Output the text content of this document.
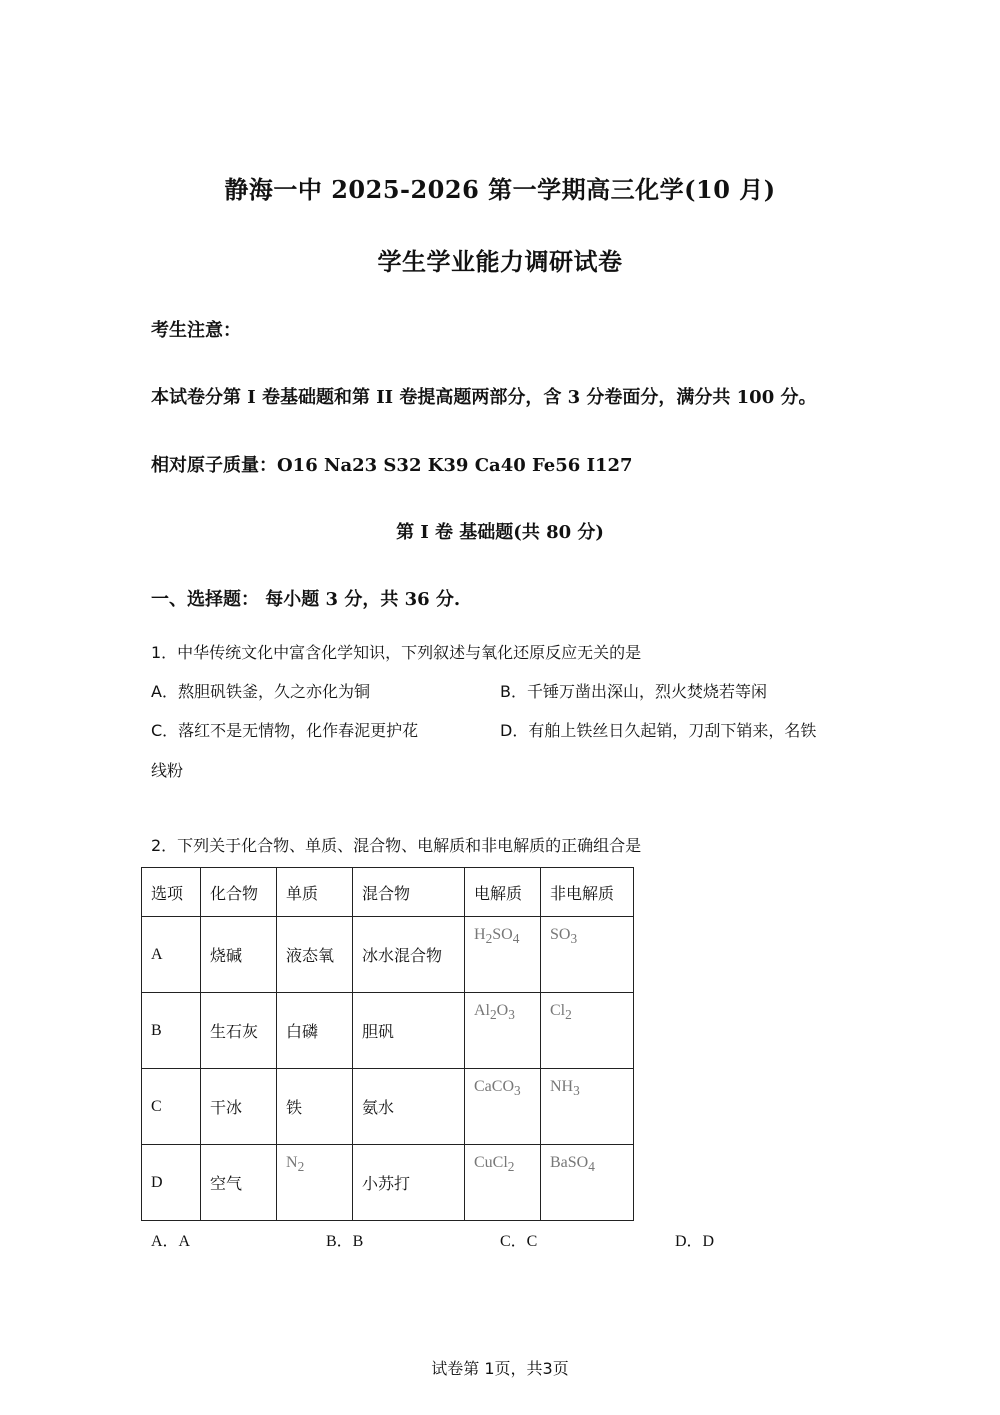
静海一中 2025-2026 第一学期高三化学(10 月)
学生学业能力调研试卷
考生注意：
本试卷分第 I 卷基础题和第 II 卷提高题两部分，含 3 分卷面分，满分共 100 分。
相对原子质量：O16 Na23 S32 K39 Ca40 Fe56 I127
第 I 卷 基础题(共 80 分)
一、选择题： 每小题 3 分，共 36 分.
1．中华传统文化中富含化学知识，下列叙述与氧化还原反应无关的是
A．熬胆矾铁釜，久之亦化为铜	B．千锤万凿出深山，烈火焚烧若等闲
C．落红不是无情物，化作春泥更护花	D．有舶上铁丝日久起销，刀刮下销来，名铁
线粉
2．下列关于化合物、单质、混合物、电解质和非电解质的正确组合是
选项	化合物	单质	混合物	电解质	非电解质
A	烧碱	液态氧	冰水混合物	$H_2SO_4$	$SO_3$

B	生石灰	白磷	胆矾	$Al_2O_3$	$Cl_2$

C	干冰	铁	氨水	CaCO$_3$	$NH_3$

D	空气	$N_2$	小苏打	CuCl$_2$	BaSO$_4$
A．A	B．B	C．C	D．D
试卷第 1页，共3页
